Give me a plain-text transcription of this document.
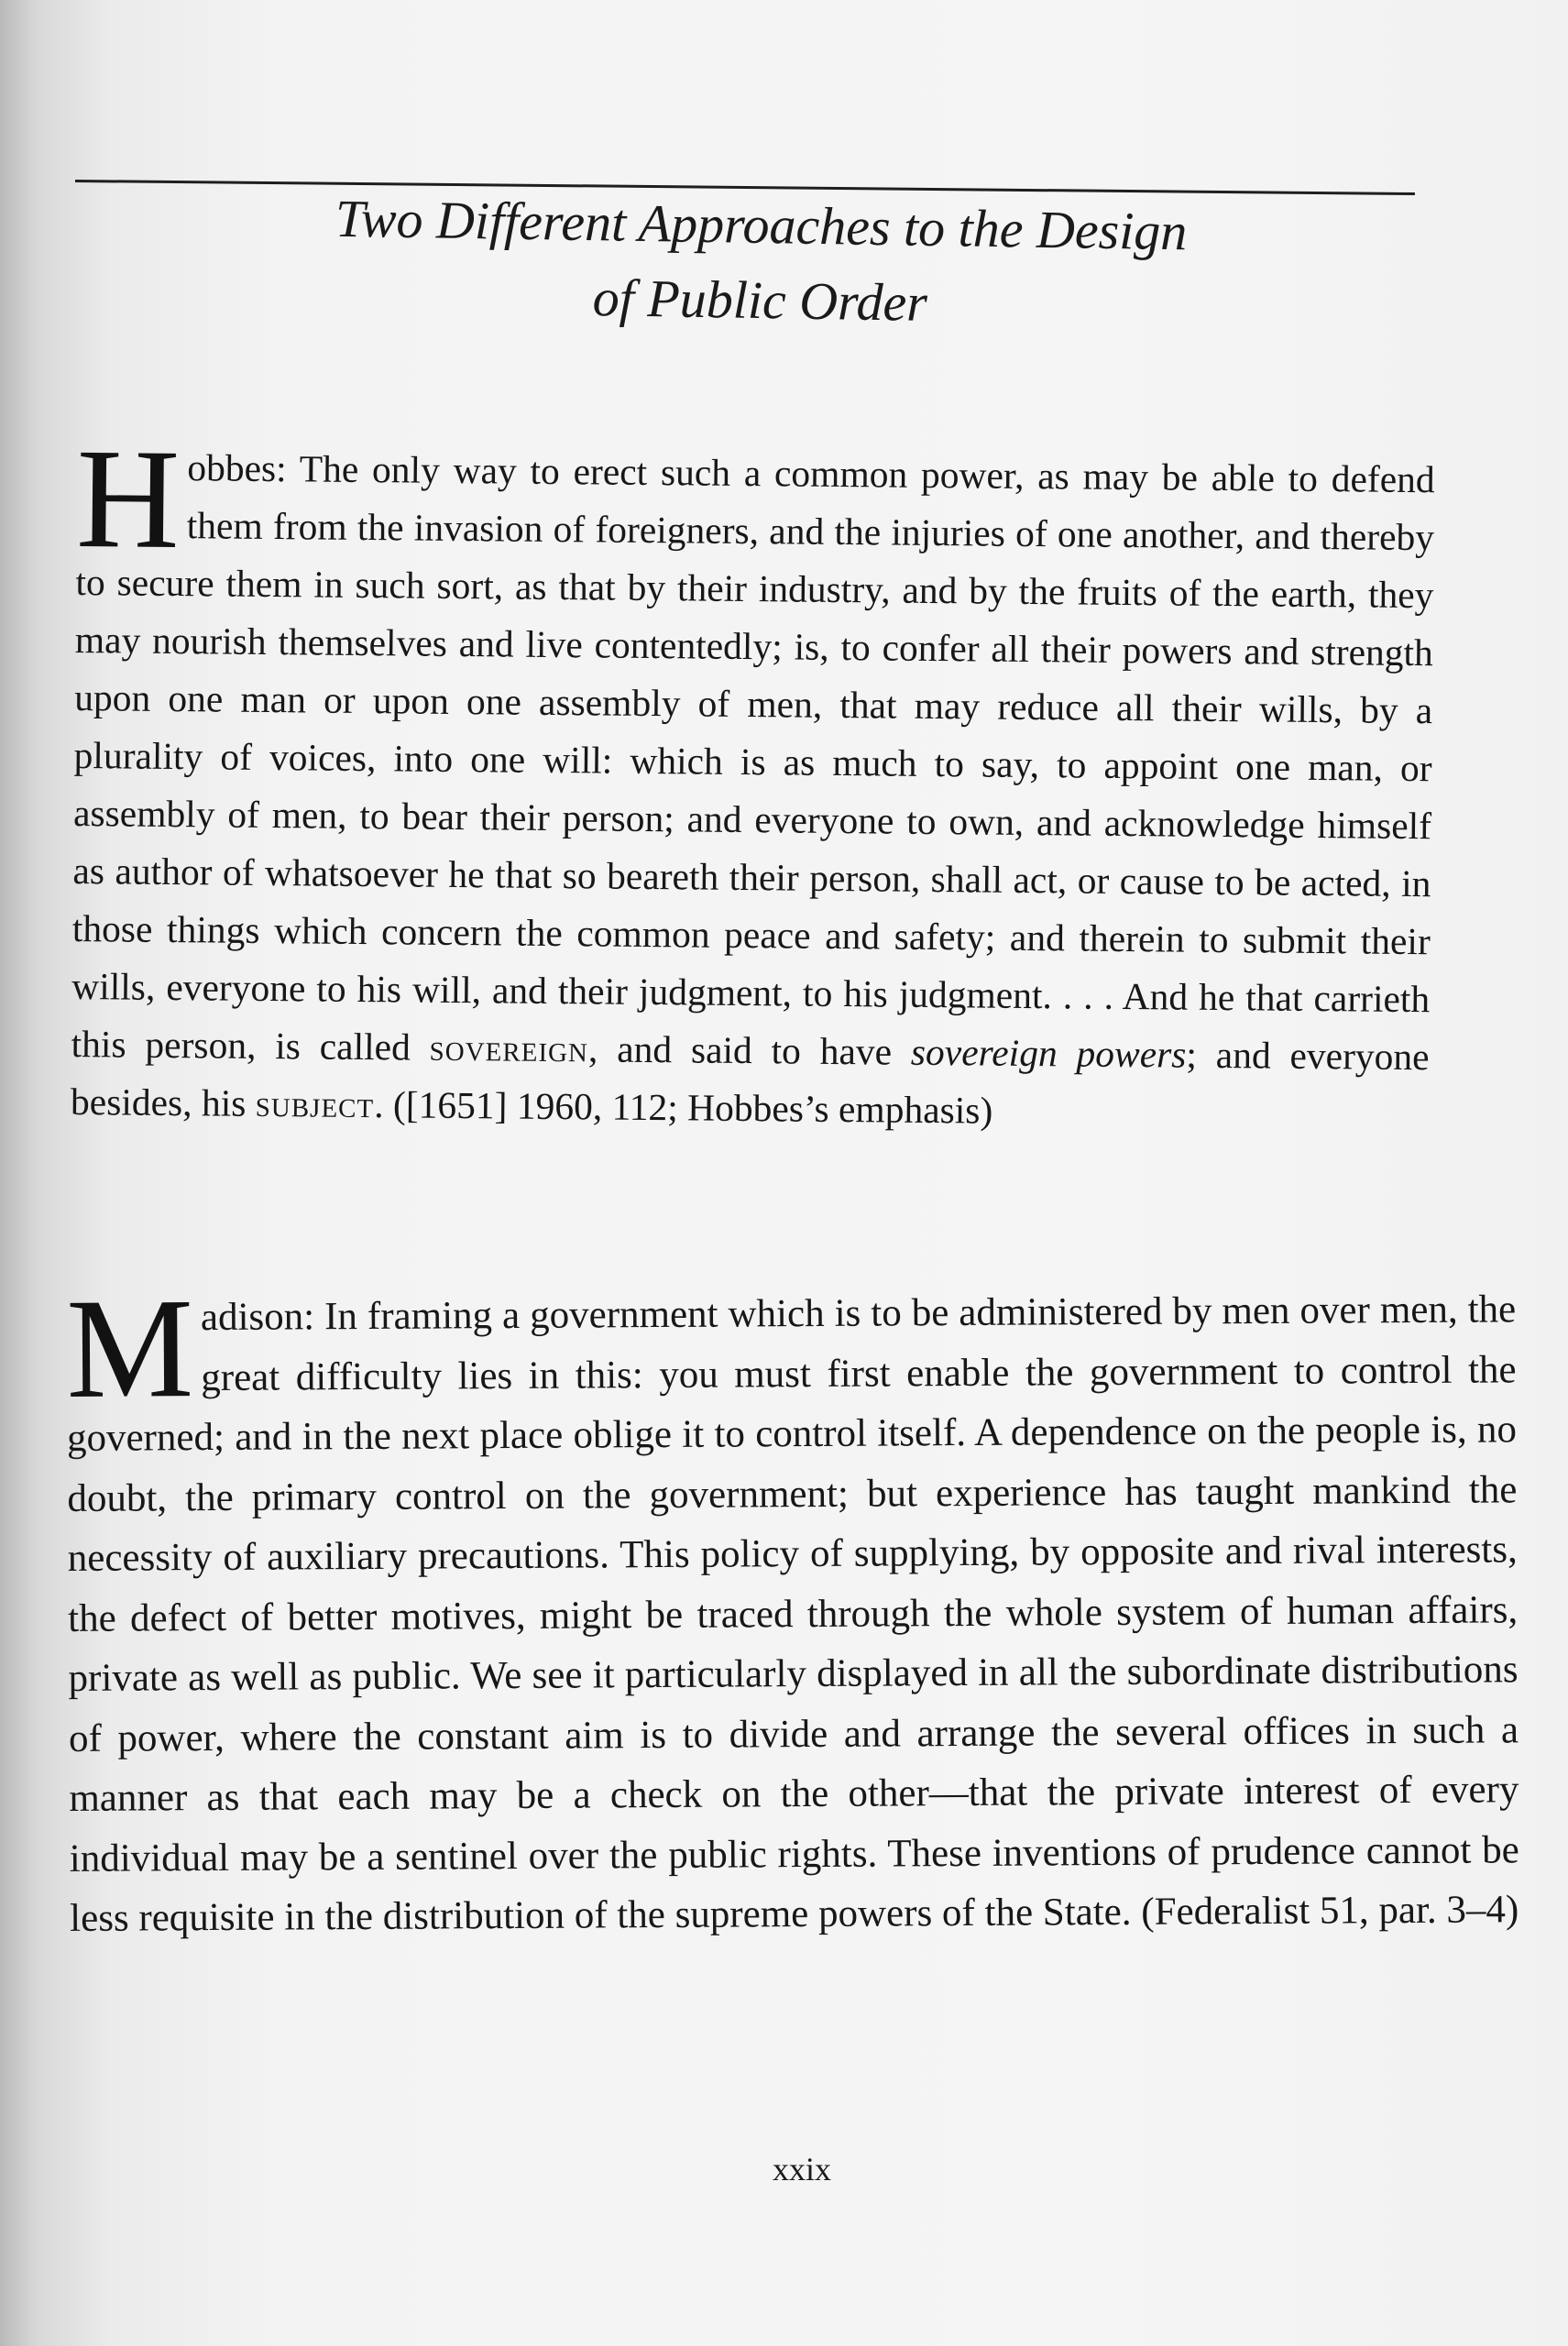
Two Different Approaches to the Design
of Public Order
Hobbes: The only way to erect such a common power, as may be able to defend them from the invasion of foreigners, and the injuries of one another, and thereby to secure them in such sort, as that by their industry, and by the fruits of the earth, they may nourish themselves and live contentedly; is, to confer all their powers and strength upon one man or upon one assembly of men, that may reduce all their wills, by a plurality of voices, into one will: which is as much to say, to appoint one man, or assembly of men, to bear their person; and everyone to own, and acknowledge himself as author of whatsoever he that so beareth their person, shall act, or cause to be acted, in those things which concern the common peace and safety; and therein to submit their wills, everyone to his will, and their judgment, to his judgment. . . . And he that carrieth this person, is called sovereign, and said to have sovereign powers; and everyone besides, his subject. ([1651] 1960, 112; Hobbes’s emphasis)
Madison: In framing a government which is to be administered by men over men, the great difficulty lies in this: you must first enable the government to control the governed; and in the next place oblige it to control itself. A dependence on the people is, no doubt, the primary control on the government; but experience has taught mankind the necessity of auxiliary precautions. This policy of supplying, by opposite and rival interests, the defect of better motives, might be traced through the whole system of human affairs, private as well as public. We see it particularly displayed in all the subordinate distributions of power, where the constant aim is to divide and arrange the several offices in such a manner as that each may be a check on the other—that the private interest of every individual may be a sentinel over the public rights. These inventions of prudence cannot be less requisite in the distribution of the supreme powers of the State. (Federalist 51, par. 3–4)
xxix
